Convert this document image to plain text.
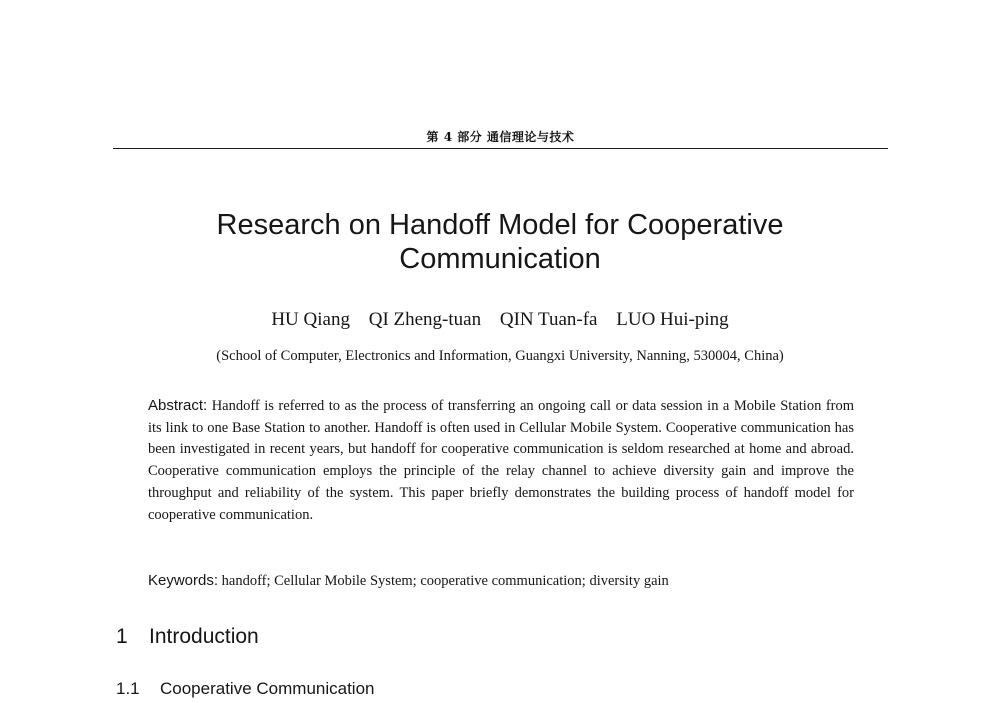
第 4 部分 通信理论与技术
Research on Handoff Model for Cooperative Communication
HU Qiang QI Zheng-tuan QIN Tuan-fa LUO Hui-ping
(School of Computer, Electronics and Information, Guangxi University, Nanning, 530004, China)

Abstract: Handoff is referred to as the process of transferring an ongoing call or data session in a Mobile Station from its link to one Base Station to another. Handoff is often used in Cellular Mobile System. Cooperative communication has been investigated in recent years, but handoff for cooperative communication is seldom researched at home and abroad. Cooperative communication employs the principle of the relay channel to achieve diversity gain and improve the throughput and reliability of the system. This paper briefly demonstrates the building process of handoff model for cooperative communication.

Keywords: handoff; Cellular Mobile System; cooperative communication; diversity gain

1 Introduction
1.1 Cooperative Communication
